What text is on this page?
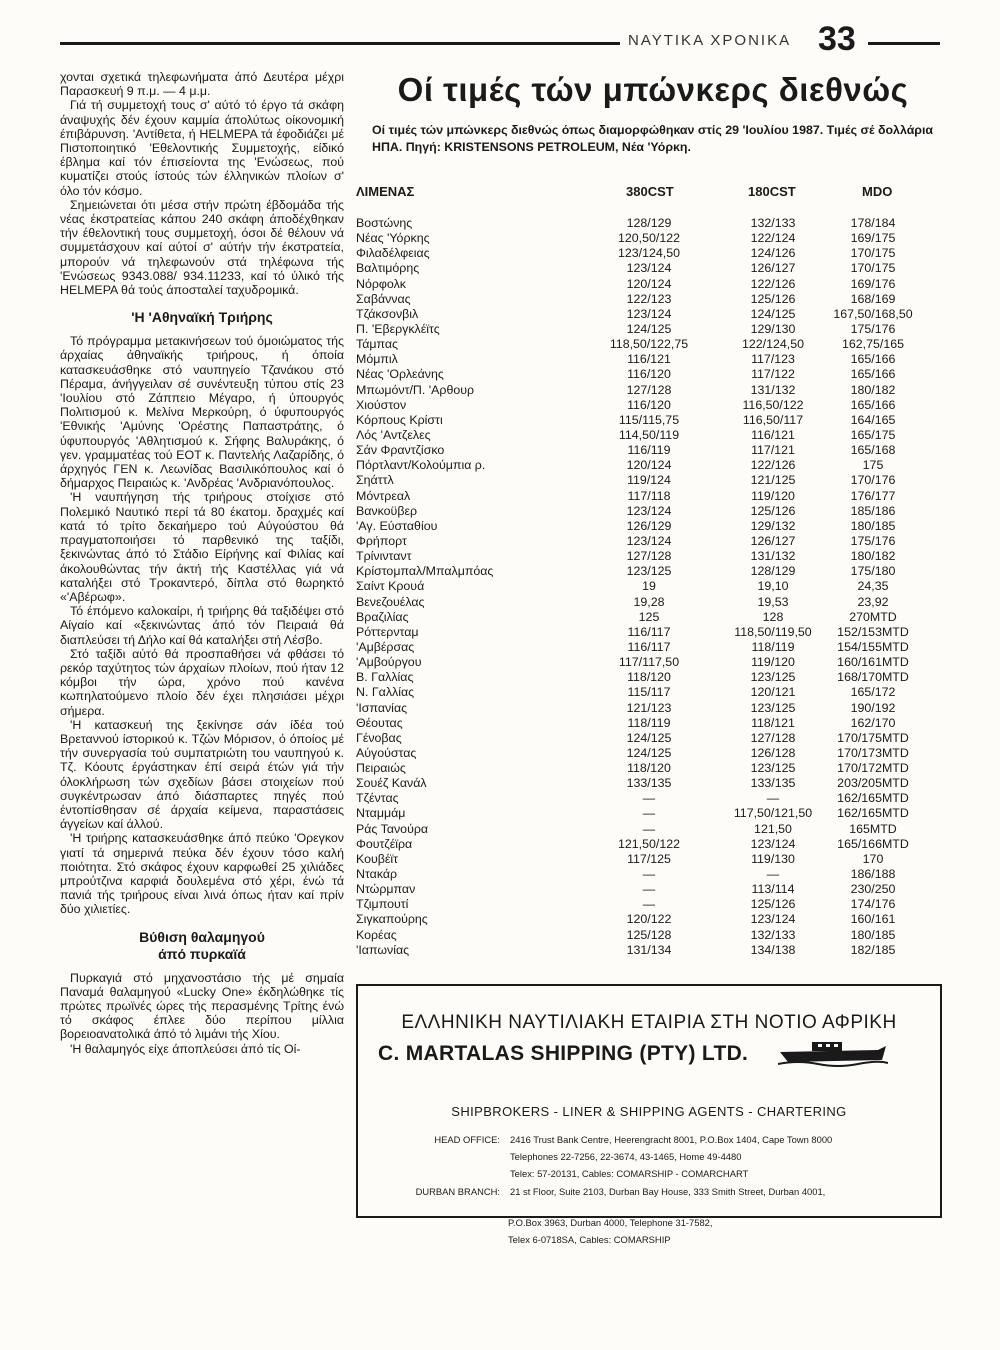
ΝΑΥΤΙΚΑ ΧΡΟΝΙΚΑ 33

χονται σχετικά τηλεφωνήματα άπό Δευτέρα μέχρι Παρασκευή 9 π.μ. — 4 μ.μ.

Γιά τή συμμετοχή τους σ' αύτό τό έργο τά σκάφη άναψυχής δέν έχουν καμμία άπολύτως οίκονομική έπιβάρυνση. 'Αντίθετα, ή HELMEPA τά έφοδιάζει μέ Πιστοποιητικό 'Εθελοντικής Συμμετοχής, είδικό έβλημα καί τόν έπισείοντα της 'Ενώσεως, πού κυματίζει στούς ίστούς τών έλληνικών πλοίων σ' όλο τόν κόσμο.

Σημειώνεται ότι μέσα στήν πρώτη έβδομάδα τής νέας έκστρατείας κάπου 240 σκάφη άποδέχθηκαν τήν έθελοντική τους συμμετοχή, όσοι δέ θέλουν νά συμμετάσχουν καί αύτοί σ' αύτήν τήν έκστρατεία, μπορούν νά τηλεφωνούν στά τηλέφωνα τής 'Ενώσεως 9343.088/ 934.11233, καί τό ύλικό τής HELMEPA θά τούς άποσταλεί ταχυδρομικά.

'Η 'Αθηναϊκή Τριήρης

Τό πρόγραμμα μετακινήσεων τού όμοιώματος τής άρχαίας άθηναϊκής τριήρους, ή όποία κατασκευάσθηκε στό ναυπηγείο Τζανάκου στό Πέραμα, άνήγγειλαν σέ συνέντευξη τύπου στίς 23 'Ιουλίου στό Ζάππειο Μέγαρο, ή ύπουργός Πολιτισμού κ. Μελίνα Μερκούρη, ό ύφυπουργός 'Εθνικής 'Αμύνης 'Ορέστης Παπαστράτης, ό ύφυπουργός 'Αθλητισμού κ. Σήφης Βαλυράκης, ό γεν. γραμματέας τού ΕΟΤ κ. Παντελής Λαζαρίδης, ό άρχηγός ΓΕΝ κ. Λεωνίδας Βασιλικόπουλος καί ό δήμαρχος Πειραιώς κ. 'Ανδρέας 'Ανδριανόπουλος.

'Η ναυπήγηση τής τριήρους στοίχισε στό Πολεμικό Ναυτικό περί τά 80 έκατομ. δραχμές καί κατά τό τρίτο δεκαήμερο τού Αύγούστου θά πραγματοποιήσει τό παρθενικό της ταξίδι, ξεκινώντας άπό τό Στάδιο Είρήνης καί Φιλίας καί άκολουθώντας τήν άκτή τής Καστέλλας γιά νά καταλήξει στό Τροκαντερό, δίπλα στό θωρηκτό «'Αβέρωφ».

Τό έπόμενο καλοκαίρι, ή τριήρης θά ταξιδέψει στό Αίγαίο καί «ξεκινώντας άπό τόν Πειραιά θά διαπλεύσει τή Δήλο καί θά καταλήξει στή Λέσβο.

Στό ταξίδι αύτό θά προσπαθήσει νά φθάσει τό ρεκόρ ταχύτητος τών άρχαίων πλοίων, πού ήταν 12 κόμβοι τήν ώρα, χρόνο πού κανένα κωπηλατούμενο πλοίο δέν έχει πλησιάσει μέχρι σήμερα.

'Η κατασκευή της ξεκίνησε σάν ίδέα τού Βρεταννού ίστορικού κ. Τζών Μόρισον, ό όποίος μέ τήν συνεργασία τού συμπατριώτη του ναυπηγού κ. Τζ. Κόουτς έργάστηκαν έπί σειρά έτών γιά τήν όλοκλήρωση τών σχεδίων βάσει στοιχείων πού συγκέντρωσαν άπό διάσπαρτες πηγές πού έντοπίσθησαν σέ άρχαία κείμενα, παραστάσεις άγγείων καί άλλού.

'Η τριήρης κατασκευάσθηκε άπό πεύκο 'Ορεγκον γιατί τά σημερινά πεύκα δέν έχουν τόσο καλή ποιότητα. Στό σκάφος έχουν καρφωθεί 25 χιλιάδες μπρούτζινα καρφιά δουλεμένα στό χέρι, ένώ τά πανιά τής τριήρους είναι λινά όπως ήταν καί πρίν δύο χιλιετίες.

Βύθιση θαλαμηγού
άπό πυρκαϊά

Πυρκαγιά στό μηχανοστάσιο τής μέ σημαία Παναμά θαλαμηγού «Lucky One» έκδηλώθηκε τίς πρώτες πρωϊνές ώρες τής περασμένης Τρίτης ένώ τό σκάφος έπλεε δύο περίπου μίλλια βορειοανατολικά άπό τό λιμάνι τής Χίου.

'Η θαλαμηγός είχε άποπλεύσει άπό τίς Οί-

Οί τιμές τών μπώνκερς διεθνώς
Οί τιμές τών μπώνκερς διεθνώς όπως διαμορφώθηκαν στίς 29 'Ιουλίου 1987. Τιμές σέ δολλάρια ΗΠΑ. Πηγή: KRISTENSONS PETROLEUM, Νέα 'Υόρκη.
ΛΙΜΕΝΑΣ	380CST	180CST	MDO
Βοστώνης	128/129	132/133	178/184
Νέας 'Υόρκης	120,50/122	122/124	169/175
Φιλαδέλφειας	123/124,50	124/126	170/175
Βαλτιμόρης	123/124	126/127	170/175
Νόρφολκ	120/124	122/126	169/176
Σαβάννας	122/123	125/126	168/169
Τζάκσονβιλ	123/124	124/125	167,50/168,50
Π. 'Εβεργκλέϊτς	124/125	129/130	175/176
Τάμπας	118,50/122,75	122/124,50	162,75/165
Μόμπιλ	116/121	117/123	165/166
Νέας 'Ορλεάνης	116/120	117/122	165/166
Μπωμόντ/Π. 'Αρθουρ	127/128	131/132	180/182
Χιούστον	116/120	116,50/122	165/166
Κόρπους Κρίστι	115/115,75	116,50/117	164/165
Λός 'Αντζελες	114,50/119	116/121	165/175
Σάν Φραντζίσκο	116/119	117/121	165/168
Πόρτλαντ/Κολούμπια ρ.	120/124	122/126	175
Σηάττλ	119/124	121/125	170/176
Μόντρεαλ	117/118	119/120	176/177
Βανκοϋβερ	123/124	125/126	185/186
'Αγ. Εύσταθίου	126/129	129/132	180/185
Φρήπορτ	123/124	126/127	175/176
Τρίνινταντ	127/128	131/132	180/182
Κρίστομπαλ/Μπαλμπόας	123/125	128/129	175/180
Σαίντ Κρουά	19	19,10	24,35
Βενεζουέλας	19,28	19,53	23,92
Βραζιλίας	125	128	270MTD
Ρόττερνταμ	116/117	118,50/119,50	152/153MTD
'Αμβέρσας	116/117	118/119	154/155MTD
'Αμβούργου	117/117,50	119/120	160/161MTD
Β. Γαλλίας	118/120	123/125	168/170MTD
Ν. Γαλλίας	115/117	120/121	165/172
'Ισπανίας	121/123	123/125	190/192
Θέουτας	118/119	118/121	162/170
Γένοβας	124/125	127/128	170/175MTD
Αύγούστας	124/125	126/128	170/173MTD
Πειραιώς	118/120	123/125	170/172MTD
Σουέζ Κανάλ	133/135	133/135	203/205MTD
Τζέντας	—	—	162/165MTD
Νταμμάμ	—	117,50/121,50	162/165MTD
Ράς Τανούρα	—	121,50	165MTD
Φουτζέϊρα	121,50/122	123/124	165/166MTD
Κουβέϊτ	117/125	119/130	170
Ντακάρ	—	—	186/188
Ντώρμπαν	—	113/114	230/250
Τζιμπουτί	—	125/126	174/176
Σιγκαπούρης	120/122	123/124	160/161
Κορέας	125/128	132/133	180/185
'Ιαπωνίας	131/134	134/138	182/185
ΕΛΛΗΝΙΚΗ ΝΑΥΤΙΛΙΑΚΗ ΕΤΑΙΡΙΑ ΣΤΗ ΝΟΤΙΟ ΑΦΡΙΚΗ
C. MARTALAS SHIPPING (PTY) LTD.
SHIPBROKERS - LINER & SHIPPING AGENTS - CHARTERING
HEAD OFFICE: 2416 Trust Bank Centre, Heerengracht 8001, P.O.Box 1404, Cape Town 8000
Telephones 22-7256, 22-3674, 43-1465, Home 49-4480
Telex: 57-20131, Cables: COMARSHIP - COMARCHART
DURBAN BRANCH: 21 st Floor, Suite 2103, Durban Bay House, 333 Smith Street, Durban 4001,
P.O.Box 3963, Durban 4000, Telephone 31-7582,
Telex 6-0718SA, Cables: COMARSHIP
